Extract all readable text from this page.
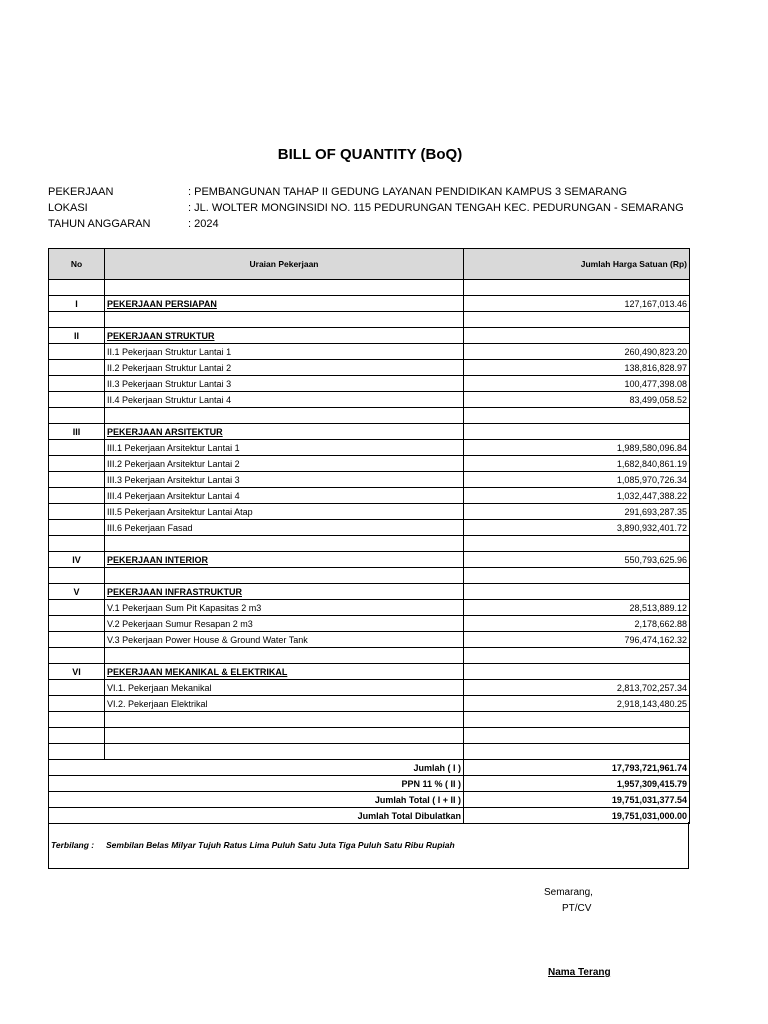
BILL OF QUANTITY (BoQ)
PEKERJAAN	: PEMBANGUNAN TAHAP II GEDUNG LAYANAN PENDIDIKAN KAMPUS 3 SEMARANG
LOKASI	: JL. WOLTER MONGINSIDI NO. 115 PEDURUNGAN TENGAH KEC. PEDURUNGAN - SEMARANG
TAHUN ANGGARAN	: 2024
No	Uraian Pekerjaan	Jumlah Harga Satuan (Rp)

I	PEKERJAAN PERSIAPAN	127,167,013.46

II	PEKERJAAN STRUKTUR	
	II.1 Pekerjaan Struktur Lantai 1	260,490,823.20
	II.2 Pekerjaan Struktur Lantai 2	138,816,828.97
	II.3 Pekerjaan Struktur Lantai 3	100,477,398.08
	II.4 Pekerjaan Struktur Lantai 4	83,499,058.52

III	PEKERJAAN ARSITEKTUR	
	III.1 Pekerjaan Arsitektur Lantai 1	1,989,580,096.84
	III.2 Pekerjaan Arsitektur Lantai 2	1,682,840,861.19
	III.3 Pekerjaan Arsitektur Lantai 3	1,085,970,726.34
	III.4 Pekerjaan Arsitektur Lantai 4	1,032,447,388.22
	III.5 Pekerjaan Arsitektur Lantai Atap	291,693,287.35
	III.6 Pekerjaan Fasad	3,890,932,401.72

IV	PEKERJAAN INTERIOR	550,793,625.96

V	PEKERJAAN INFRASTRUKTUR	
	V.1 Pekerjaan Sum Pit Kapasitas 2 m3	28,513,889.12
	V.2 Pekerjaan Sumur Resapan 2 m3	2,178,662.88
	V.3 Pekerjaan Power House & Ground Water Tank	796,474,162.32

VI	PEKERJAAN MEKANIKAL & ELEKTRIKAL	
	VI.1. Pekerjaan Mekanikal	2,813,702,257.34
	VI.2. Pekerjaan Elektrikal	2,918,143,480.25

Jumlah ( I )		17,793,721,961.74
PPN 11 % ( II )		1,957,309,415.79
Jumlah Total ( I + II )		19,751,031,377.54
Jumlah Total Dibulatkan		19,751,031,000.00
Terbilang : Sembilan Belas Milyar Tujuh Ratus Lima Puluh Satu Juta Tiga Puluh Satu Ribu Rupiah
Semarang,
PT/CV
Nama Terang
